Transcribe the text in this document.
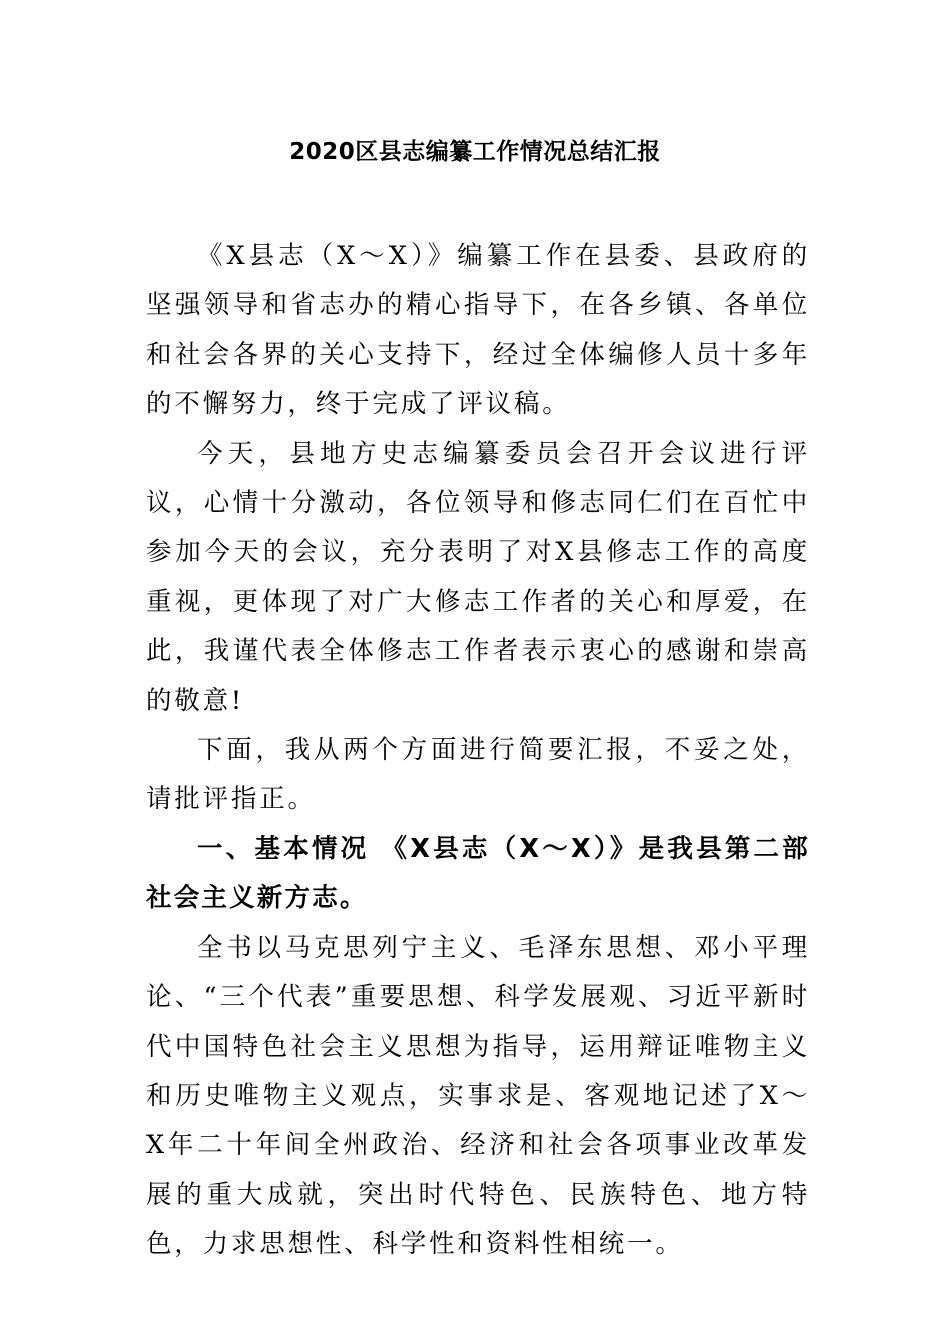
2020区县志编纂工作情况总结汇报

《X县志（X～X）》编纂工作在县委、县政府的坚强领导和省志办的精心指导下，在各乡镇、各单位和社会各界的关心支持下，经过全体编修人员十多年的不懈努力，终于完成了评议稿。

今天，县地方史志编纂委员会召开会议进行评议，心情十分激动，各位领导和修志同仁们在百忙中参加今天的会议，充分表明了对X县修志工作的高度重视，更体现了对广大修志工作者的关心和厚爱，在此，我谨代表全体修志工作者表示衷心的感谢和崇高的敬意!

下面，我从两个方面进行简要汇报，不妥之处，请批评指正。

一、基本情况 《X县志（X～X）》是我县第二部社会主义新方志。

全书以马克思列宁主义、毛泽东思想、邓小平理论、“三个代表”重要思想、科学发展观、习近平新时代中国特色社会主义思想为指导，运用辩证唯物主义和历史唯物主义观点，实事求是、客观地记述了X～X年二十年间全州政治、经济和社会各项事业改革发展的重大成就，突出时代特色、民族特色、地方特色，力求思想性、科学性和资料性相统一。
